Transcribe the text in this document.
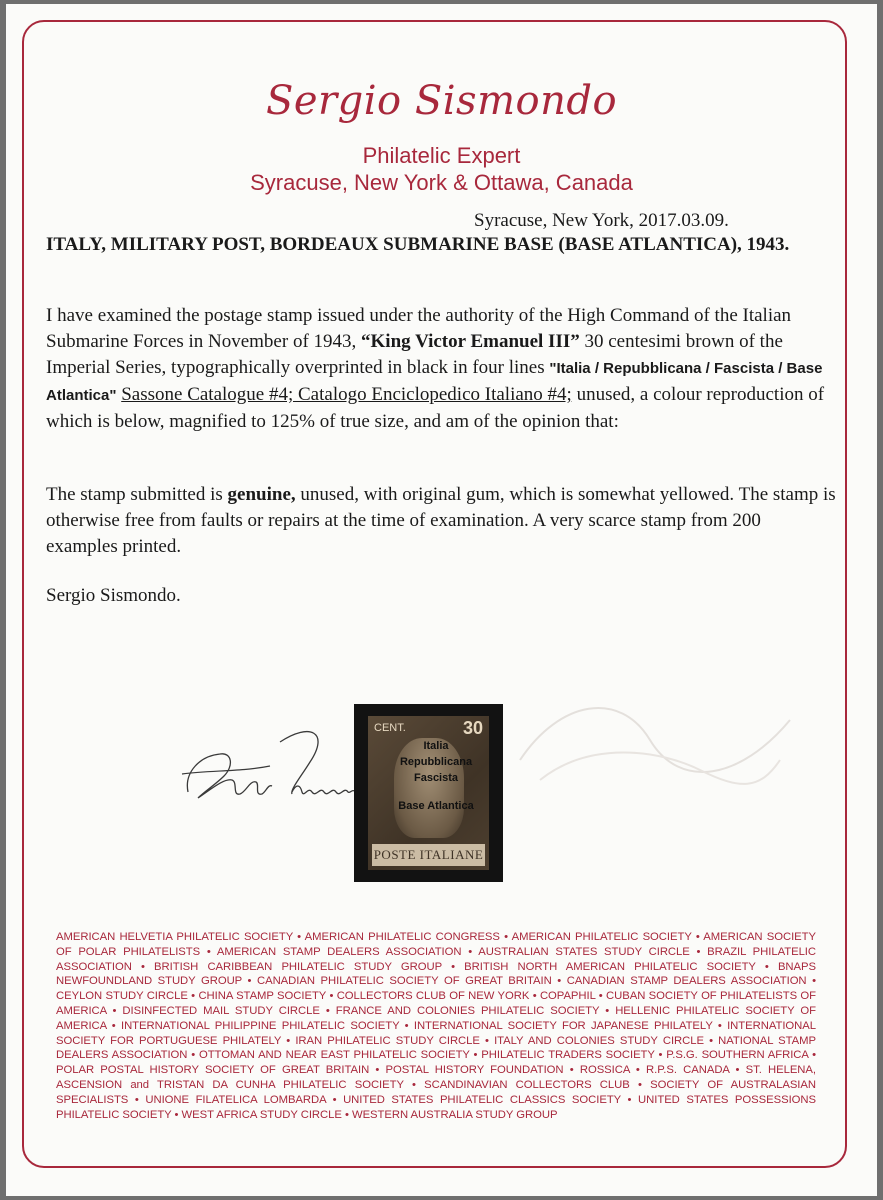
Sergio Sismondo
Philatelic Expert
Syracuse, New York & Ottawa, Canada
Syracuse, New York, 2017.03.09.
ITALY, MILITARY POST, BORDEAUX SUBMARINE BASE (BASE ATLANTICA), 1943.
I have examined the postage stamp issued under the authority of the High Command of the Italian Submarine Forces in November of 1943, “King Victor Emanuel III” 30 centesimi brown of the Imperial Series, typographically overprinted in black in four lines "Italia / Repubblicana / Fascista / Base Atlantica" Sassone Catalogue #4; Catalogo Enciclopedico Italiano #4; unused, a colour reproduction of which is below, magnified to 125% of true size, and am of the opinion that:
The stamp submitted is genuine, unused, with original gum, which is somewhat yellowed. The stamp is otherwise free from faults or repairs at the time of examination. A very scarce stamp from 200 examples printed.
Sergio Sismondo.
CENT.	30
Italia
Repubblicana
Fascista
Base Atlantica
POSTE ITALIANE
AMERICAN HELVETIA PHILATELIC SOCIETY • AMERICAN PHILATELIC CONGRESS • AMERICAN PHILATELIC SOCIETY • AMERICAN SOCIETY OF POLAR PHILATELISTS • AMERICAN STAMP DEALERS ASSOCIATION • AUSTRALIAN STATES STUDY CIRCLE • BRAZIL PHILATELIC ASSOCIATION • BRITISH CARIBBEAN PHILATELIC STUDY GROUP • BRITISH NORTH AMERICAN PHILATELIC SOCIETY • BNAPS NEWFOUNDLAND STUDY GROUP • CANADIAN PHILATELIC SOCIETY OF GREAT BRITAIN • CANADIAN STAMP DEALERS ASSOCIATION • CEYLON STUDY CIRCLE • CHINA STAMP SOCIETY • COLLECTORS CLUB OF NEW YORK • COPAPHIL • CUBAN SOCIETY OF PHILATELISTS OF AMERICA • DISINFECTED MAIL STUDY CIRCLE • FRANCE AND COLONIES PHILATELIC SOCIETY • HELLENIC PHILATELIC SOCIETY OF AMERICA • INTERNATIONAL PHILIPPINE PHILATELIC SOCIETY • INTERNATIONAL SOCIETY FOR JAPANESE PHILATELY • INTERNATIONAL SOCIETY FOR PORTUGUESE PHILATELY • IRAN PHILATELIC STUDY CIRCLE • ITALY AND COLONIES STUDY CIRCLE • NATIONAL STAMP DEALERS ASSOCIATION • OTTOMAN AND NEAR EAST PHILATELIC SOCIETY • PHILATELIC TRADERS SOCIETY • P.S.G. SOUTHERN AFRICA • POLAR POSTAL HISTORY SOCIETY OF GREAT BRITAIN • POSTAL HISTORY FOUNDATION • ROSSICA • R.P.S. CANADA • ST. HELENA, ASCENSION and TRISTAN DA CUNHA PHILATELIC SOCIETY • SCANDINAVIAN COLLECTORS CLUB • SOCIETY OF AUSTRALASIAN SPECIALISTS • UNIONE FILATELICA LOMBARDA • UNITED STATES PHILATELIC CLASSICS SOCIETY • UNITED STATES POSSESSIONS PHILATELIC SOCIETY • WEST AFRICA STUDY CIRCLE • WESTERN AUSTRALIA STUDY GROUP
